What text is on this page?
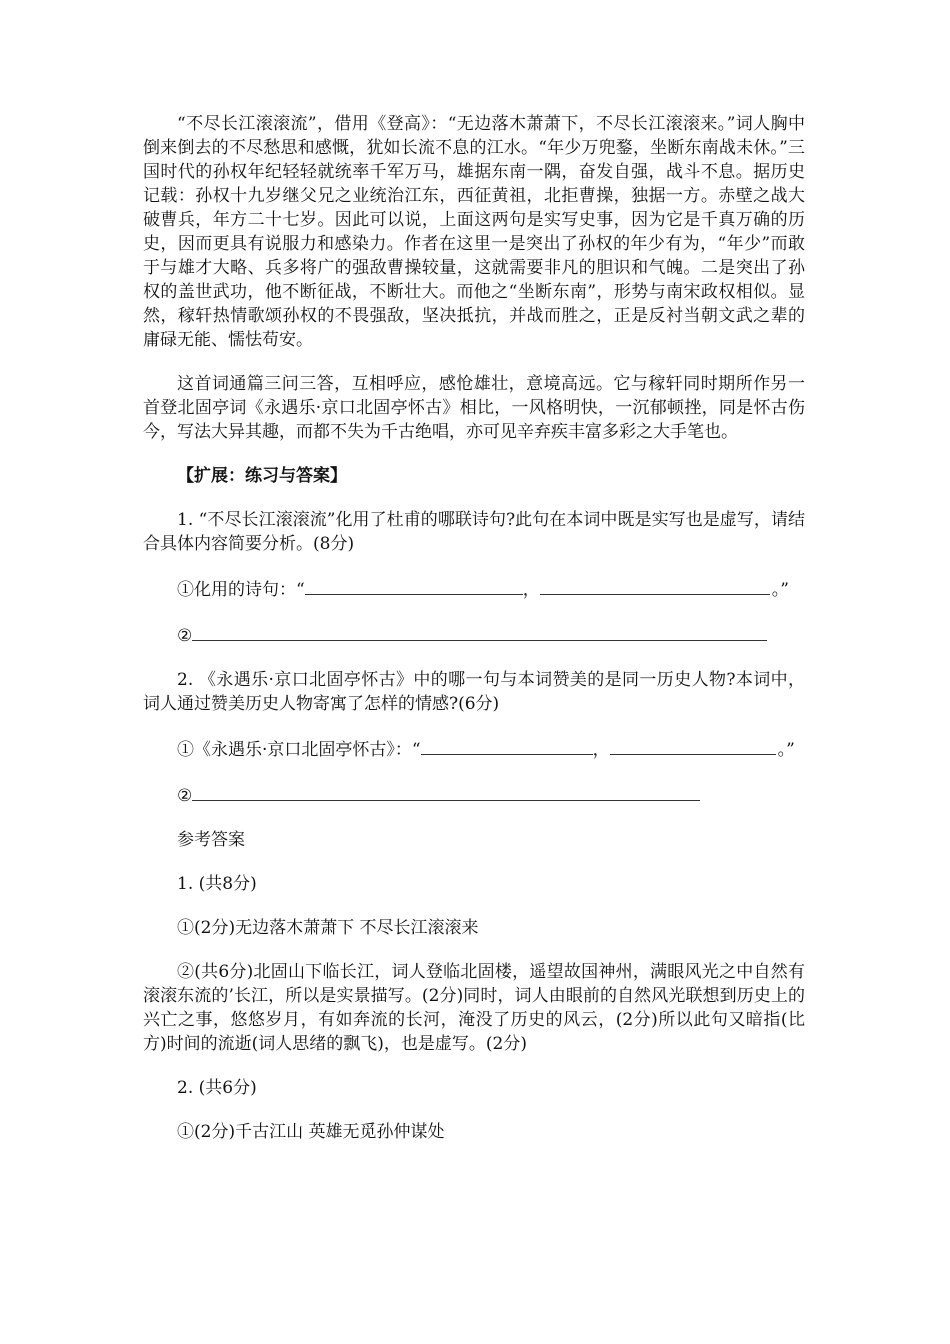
“不尽长江滚滚流”，借用《登高》：“无边落木萧萧下，不尽长江滚滚来。”词人胸中倒来倒去的不尽愁思和感慨，犹如长流不息的江水。“年少万兜鍪，坐断东南战未休。”三国时代的孙权年纪轻轻就统率千军万马，雄据东南一隅，奋发自强，战斗不息。据历史记载：孙权十九岁继父兄之业统治江东，西征黄祖，北拒曹操，独据一方。赤壁之战大破曹兵，年方二十七岁。因此可以说，上面这两句是实写史事，因为它是千真万确的历史，因而更具有说服力和感染力。作者在这里一是突出了孙权的年少有为，“年少”而敢于与雄才大略、兵多将广的强敌曹操较量，这就需要非凡的胆识和气魄。二是突出了孙权的盖世武功，他不断征战，不断壮大。而他之“坐断东南”，形势与南宋政权相似。显然，稼轩热情歌颂孙权的不畏强敌，坚决抵抗，并战而胜之，正是反衬当朝文武之辈的庸碌无能、懦怯苟安。

这首词通篇三问三答，互相呼应，感怆雄壮，意境高远。它与稼轩同时期所作另一首登北固亭词《永遇乐·京口北固亭怀古》相比，一风格明快，一沉郁顿挫，同是怀古伤今，写法大异其趣，而都不失为千古绝唱，亦可见辛弃疾丰富多彩之大手笔也。

【扩展：练习与答案】

1. “不尽长江滚滚流”化用了杜甫的哪联诗句?此句在本词中既是实写也是虚写，请结合具体内容简要分析。(8分)

①化用的诗句：“	，	。”

②

2. 《永遇乐·京口北固亭怀古》中的哪一句与本词赞美的是同一历史人物?本词中，词人通过赞美历史人物寄寓了怎样的情感?(6分)

①《永遇乐·京口北固亭怀古》：“	，	。”

②

参考答案

1. (共8分)

①(2分)无边落木萧萧下 不尽长江滚滚来

②(共6分)北固山下临长江，词人登临北固楼，遥望故国神州，满眼风光之中自然有滚滚东流的’长江，所以是实景描写。(2分)同时，词人由眼前的自然风光联想到历史上的兴亡之事，悠悠岁月，有如奔流的长河，淹没了历史的风云，(2分)所以此句又暗指(比方)时间的流逝(词人思绪的飘飞)，也是虚写。(2分)

2. (共6分)

①(2分)千古江山 英雄无觅孙仲谋处
